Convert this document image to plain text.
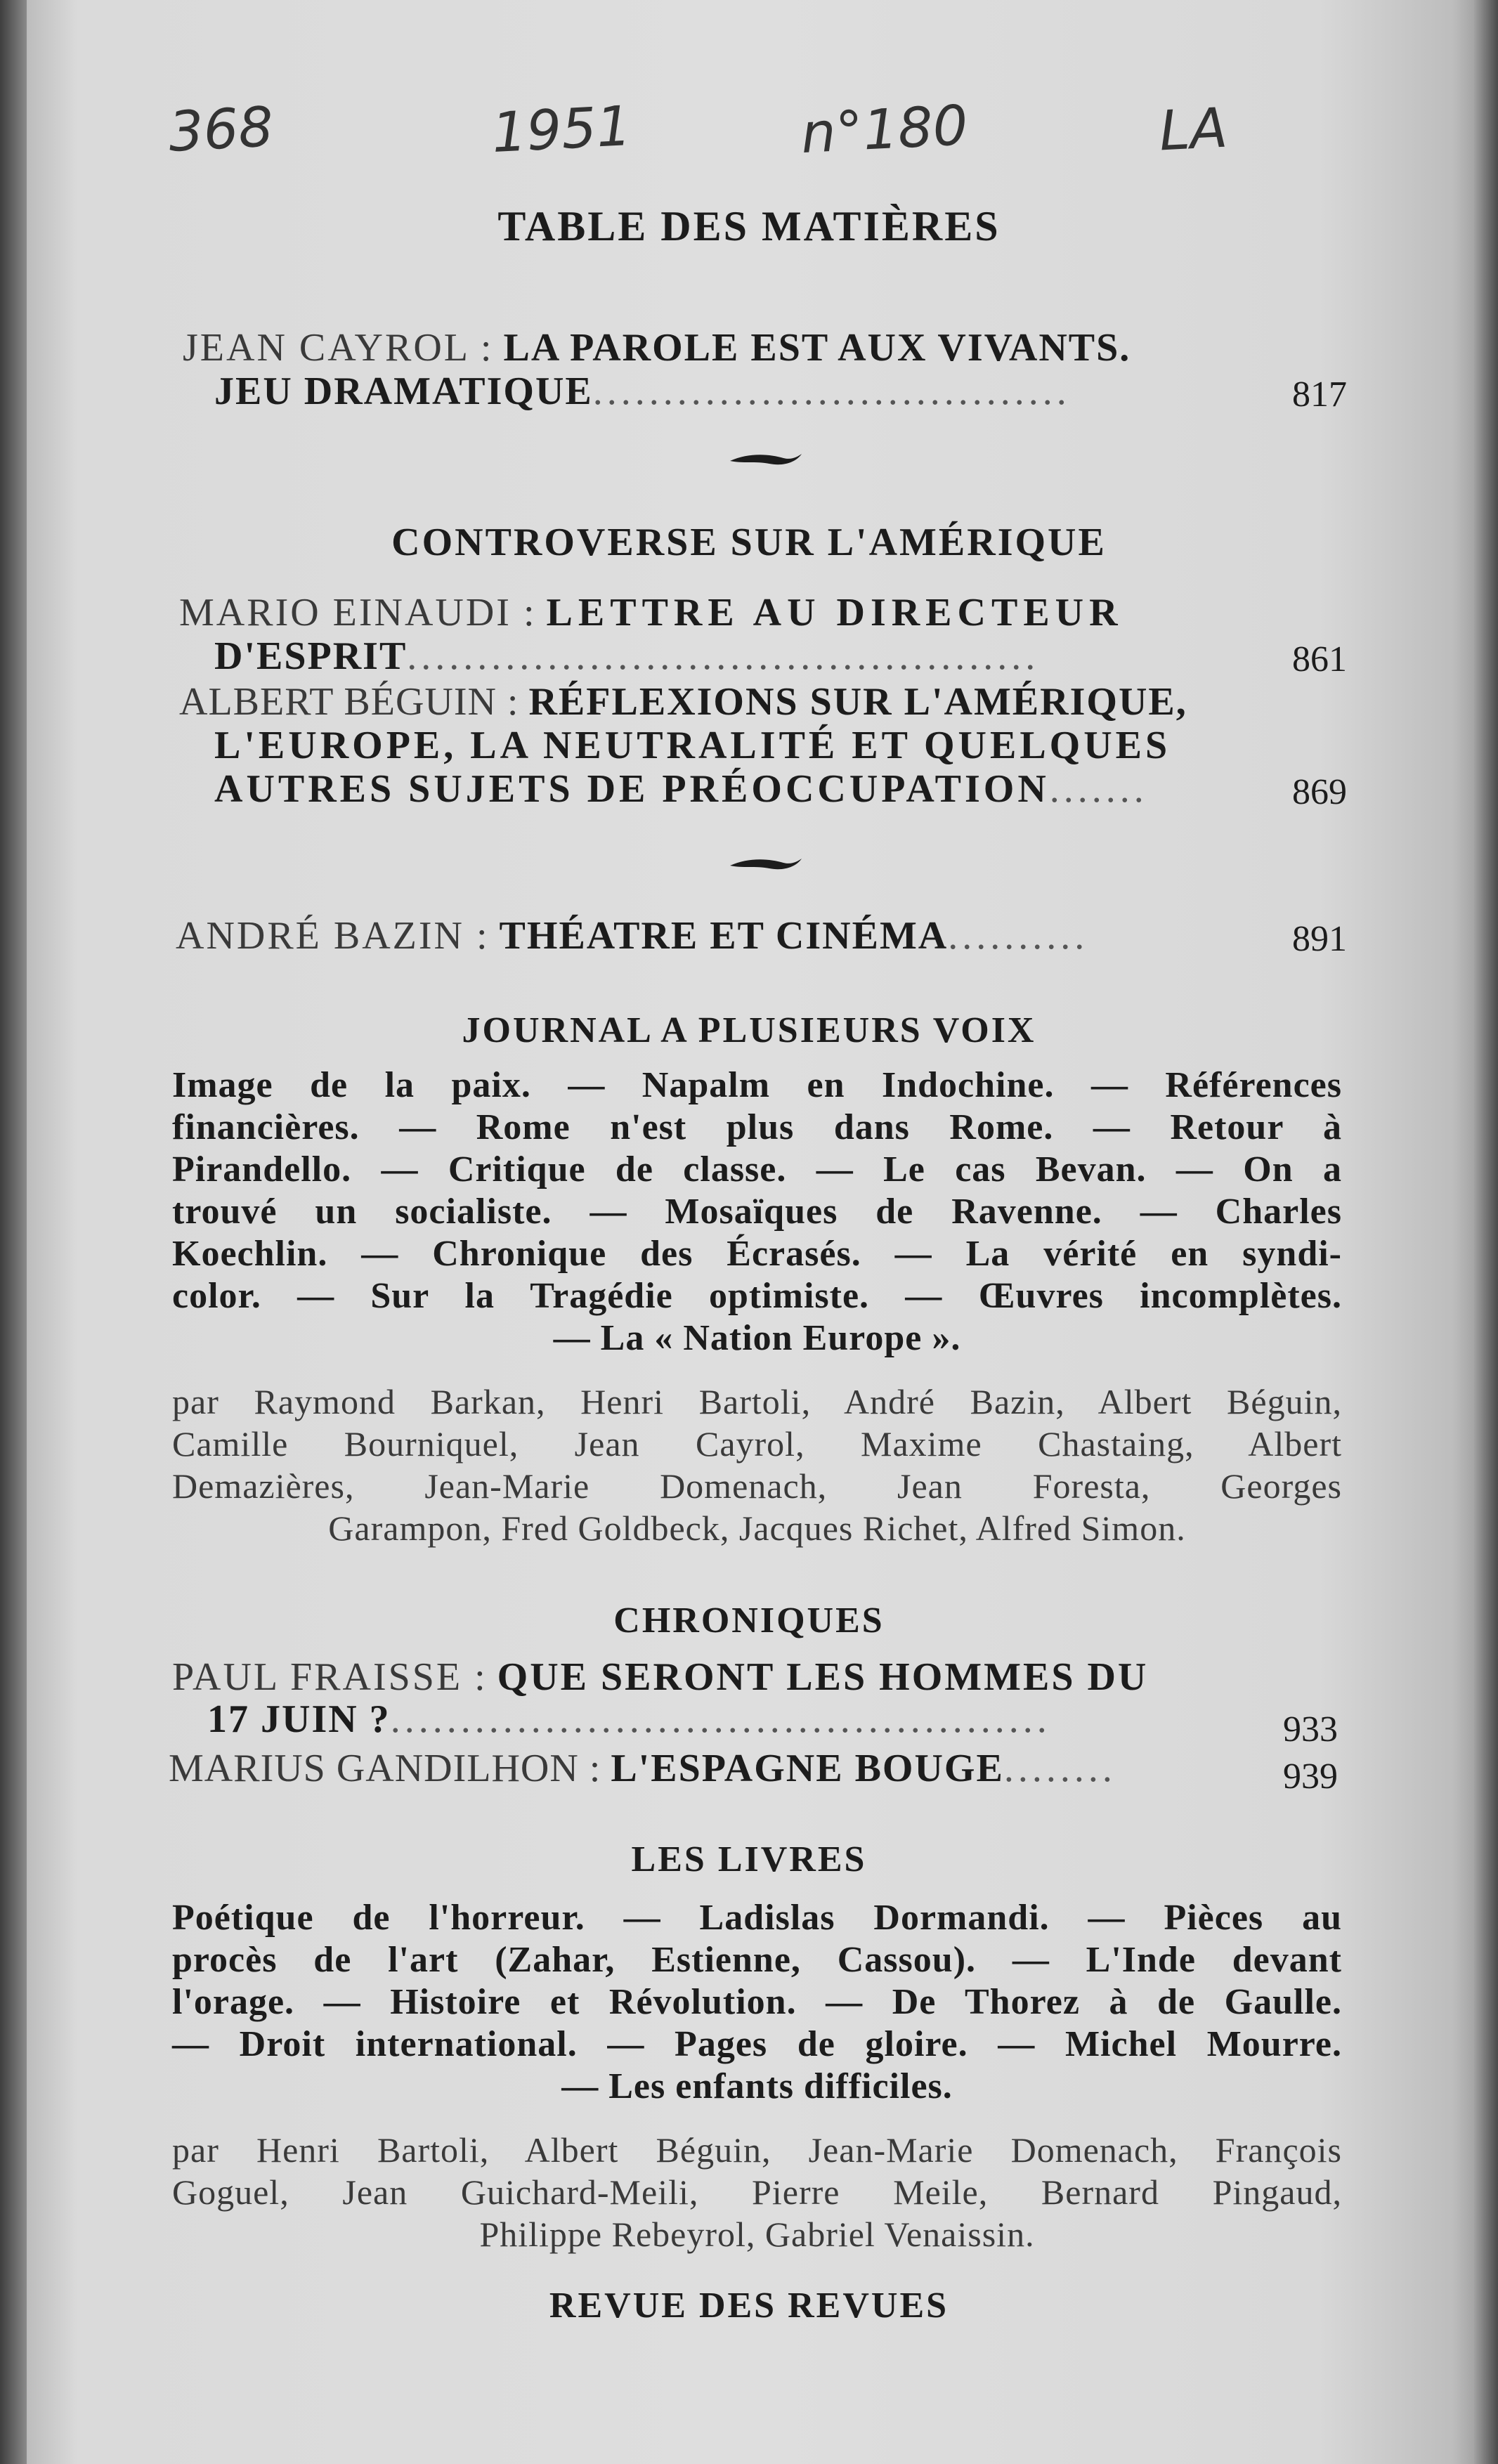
368	1951	n°180	LA
TABLE DES MATIÈRES
JEAN CAYROL : LA PAROLE EST AUX VIVANTS.
JEU DRAMATIQUE..................................	817
CONTROVERSE SUR L'AMÉRIQUE
MARIO EINAUDI : LETTRE AU DIRECTEUR
D'ESPRIT.............................................	861
ALBERT BÉGUIN : RÉFLEXIONS SUR L'AMÉRIQUE,
L'EUROPE, LA NEUTRALITÉ ET QUELQUES
AUTRES SUJETS DE PRÉOCCUPATION.......	869
ANDRÉ BAZIN : THÉATRE ET CINÉMA..........	891
JOURNAL A PLUSIEURS VOIX
Image de la paix. — Napalm en Indochine. — Références
financières. — Rome n'est plus dans Rome. — Retour à
Pirandello. — Critique de classe. — Le cas Bevan. — On a
trouvé un socialiste. — Mosaïques de Ravenne. — Charles
Koechlin. — Chronique des Écrasés. — La vérité en syndi-
color. — Sur la Tragédie optimiste. — Œuvres incomplètes.
— La « Nation Europe ».
par Raymond Barkan, Henri Bartoli, André Bazin, Albert Béguin,
Camille Bourniquel, Jean Cayrol, Maxime Chastaing, Albert
Demazières, Jean-Marie Domenach, Jean Foresta, Georges
Garampon, Fred Goldbeck, Jacques Richet, Alfred Simon.
CHRONIQUES
PAUL FRAISSE : QUE SERONT LES HOMMES DU
17 JUIN ?...............................................	933
MARIUS GANDILHON : L'ESPAGNE BOUGE........	939
LES LIVRES
Poétique de l'horreur. — Ladislas Dormandi. — Pièces au
procès de l'art (Zahar, Estienne, Cassou). — L'Inde devant
l'orage. — Histoire et Révolution. — De Thorez à de Gaulle.
— Droit international. — Pages de gloire. — Michel Mourre.
— Les enfants difficiles.
par Henri Bartoli, Albert Béguin, Jean-Marie Domenach, François
Goguel, Jean Guichard-Meili, Pierre Meile, Bernard Pingaud,
Philippe Rebeyrol, Gabriel Venaissin.
REVUE DES REVUES
